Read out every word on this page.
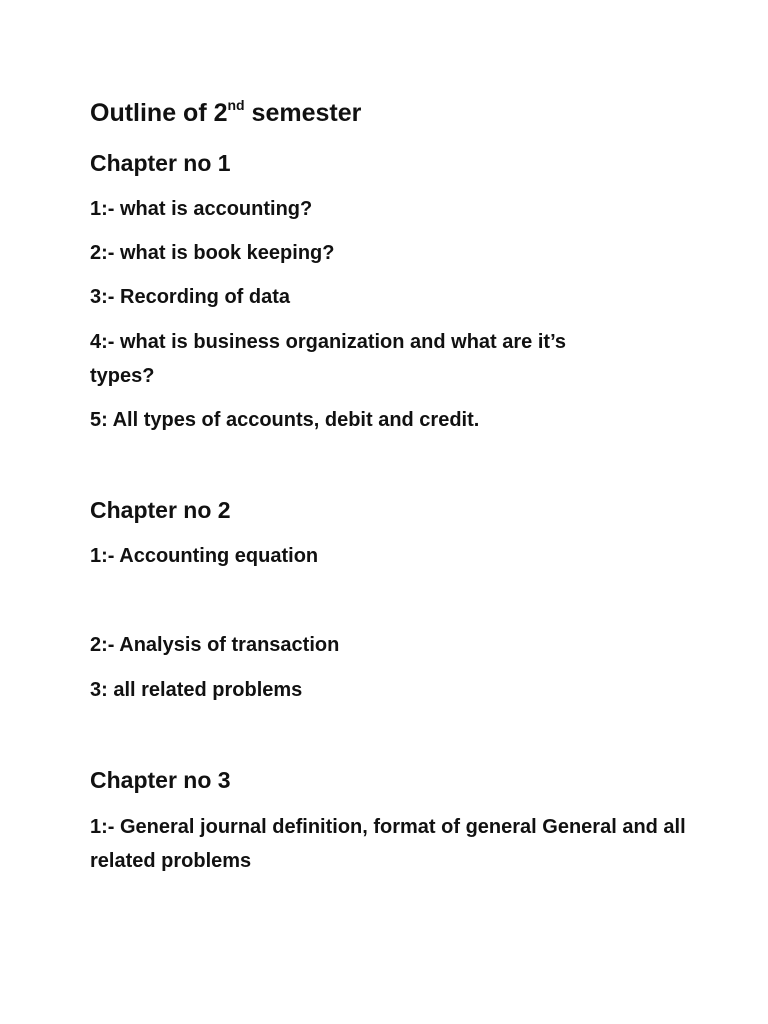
Outline of 2nd semester
Chapter no 1
1:- what is accounting?
2:- what is book keeping?
3:- Recording of data
4:- what is business organization and what are it’s types?
5: All types of accounts, debit and credit.
Chapter no 2
1:- Accounting equation
2:- Analysis of transaction
3: all related problems
Chapter no 3
1:- General journal definition, format of general General and all related problems
